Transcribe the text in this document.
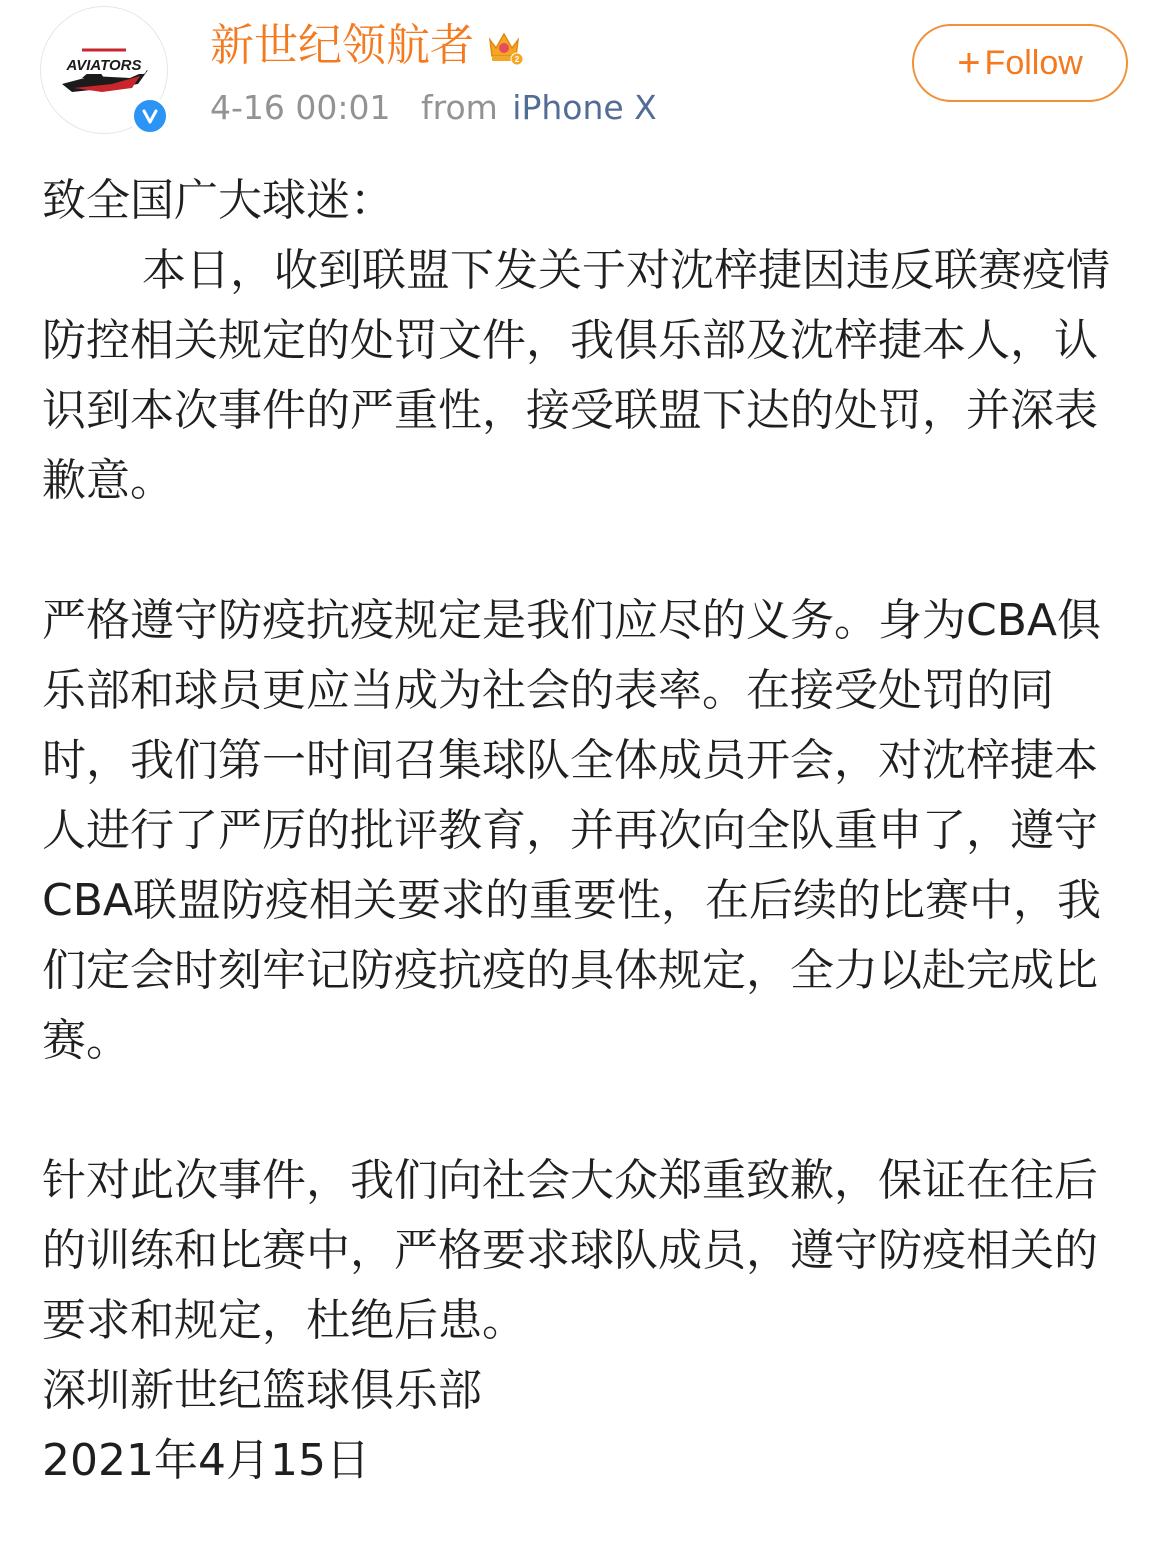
AVIATORS 新世纪领航者	2
4-16 00:01 from iPhone X
+ Follow

致全国广大球迷：

本日，收到联盟下发关于对沈梓捷因违反联赛疫情防控相关规定的处罚文件，我俱乐部及沈梓捷本人，认识到本次事件的严重性，接受联盟下达的处罚，并深表歉意。

严格遵守防疫抗疫规定是我们应尽的义务。身为CBA俱乐部和球员更应当成为社会的表率。在接受处罚的同时，我们第一时间召集球队全体成员开会，对沈梓捷本人进行了严厉的批评教育，并再次向全队重申了，遵守CBA联盟防疫相关要求的重要性，在后续的比赛中，我们定会时刻牢记防疫抗疫的具体规定，全力以赴完成比赛。

针对此次事件，我们向社会大众郑重致歉，保证在往后的训练和比赛中，严格要求球队成员，遵守防疫相关的要求和规定，杜绝后患。

深圳新世纪篮球俱乐部

2021年4月15日
